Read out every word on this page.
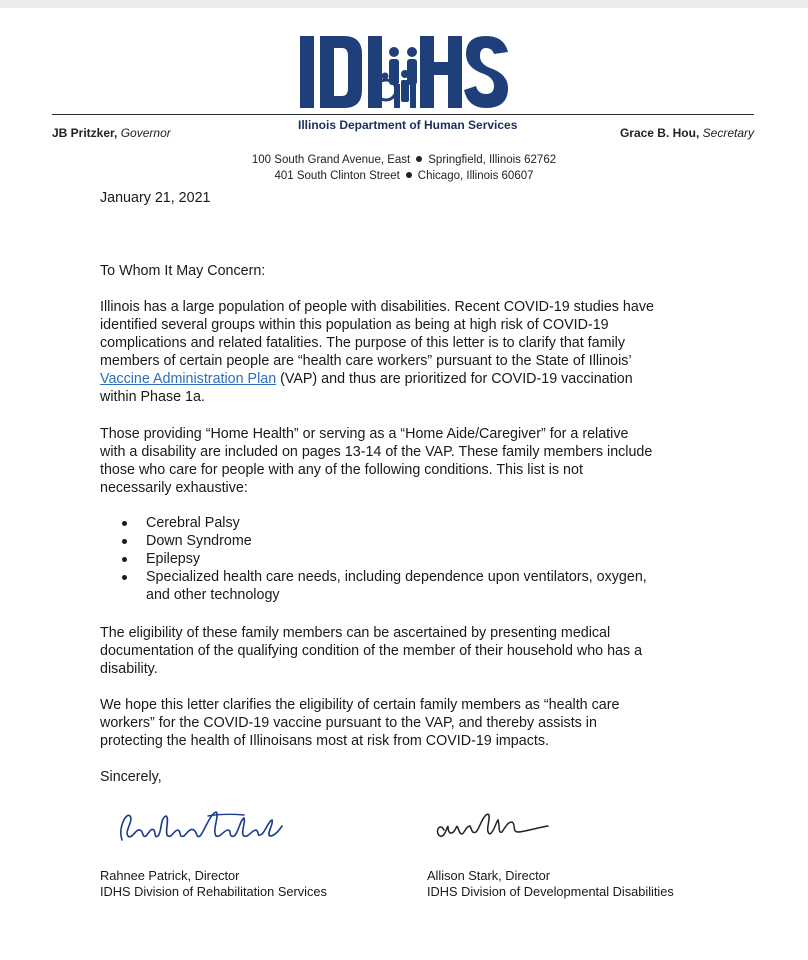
Illinois Department of Human Services
JB Pritzker, Governor	Grace B. Hou, Secretary
100 South Grand Avenue, East Springfield, Illinois 62762
401 South Clinton Street Chicago, Illinois 60607
January 21, 2021
To Whom It May Concern:
Illinois has a large population of people with disabilities. Recent COVID-19 studies have
identified several groups within this population as being at high risk of COVID-19
complications and related fatalities. The purpose of this letter is to clarify that family
members of certain people are “health care workers” pursuant to the State of Illinois’
Vaccine Administration Plan (VAP) and thus are prioritized for COVID-19 vaccination
within Phase 1a.
Those providing “Home Health” or serving as a “Home Aide/Caregiver” for a relative
with a disability are included on pages 13-14 of the VAP. These family members include
those who care for people with any of the following conditions. This list is not
necessarily exhaustive:
Cerebral Palsy
Down Syndrome
Epilepsy
Specialized health care needs, including dependence upon ventilators, oxygen,
and other technology
The eligibility of these family members can be ascertained by presenting medical
documentation of the qualifying condition of the member of their household who has a
disability.
We hope this letter clarifies the eligibility of certain family members as “health care
workers” for the COVID-19 vaccine pursuant to the VAP, and thereby assists in
protecting the health of Illinoisans most at risk from COVID-19 impacts.
Sincerely,
Rahnee Patrick, Director
IDHS Division of Rehabilitation Services
Allison Stark, Director
IDHS Division of Developmental Disabilities
